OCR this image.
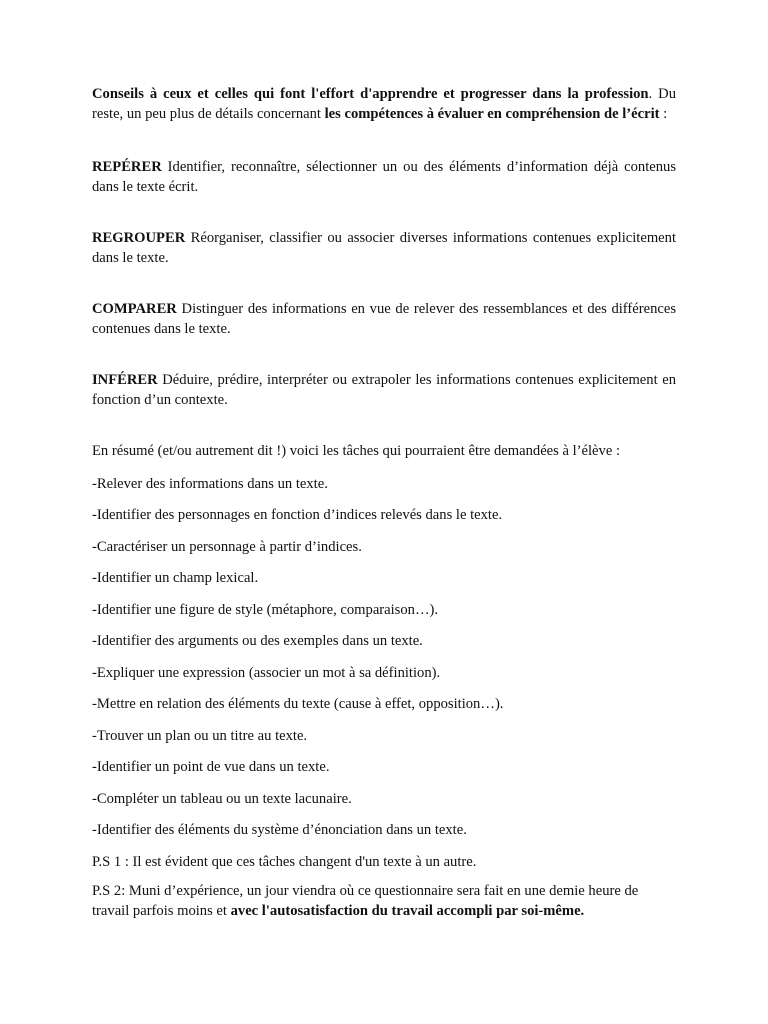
Conseils à ceux et celles qui font l'effort d'apprendre et progresser dans la profession. Du reste, un peu plus de détails concernant les compétences à évaluer en compréhension de l’écrit :

REPÉRER Identifier, reconnaître, sélectionner un ou des éléments d’information déjà contenus dans le texte écrit.

REGROUPER Réorganiser, classifier ou associer diverses informations contenues explicitement dans le texte.

COMPARER Distinguer des informations en vue de relever des ressemblances et des différences contenues dans le texte.

INFÉRER Déduire, prédire, interpréter ou extrapoler les informations contenues explicitement en fonction d’un contexte.

En résumé (et/ou autrement dit !) voici les tâches qui pourraient être demandées à l’élève :

-Relever des informations dans un texte.

-Identifier des personnages en fonction d’indices relevés dans le texte.

-Caractériser un personnage à partir d’indices.

-Identifier un champ lexical.

-Identifier une figure de style (métaphore, comparaison…).

-Identifier des arguments ou des exemples dans un texte.

-Expliquer une expression (associer un mot à sa définition).

-Mettre en relation des éléments du texte (cause à effet, opposition…).

-Trouver un plan ou un titre au texte.

-Identifier un point de vue dans un texte.

-Compléter un tableau ou un texte lacunaire.

-Identifier des éléments du système d’énonciation dans un texte.

P.S 1 : Il est évident que ces tâches changent d'un texte à un autre.

P.S 2: Muni d’expérience, un jour viendra où ce questionnaire sera fait en une demie heure de travail parfois moins et avec l'autosatisfaction du travail accompli par soi-même.
